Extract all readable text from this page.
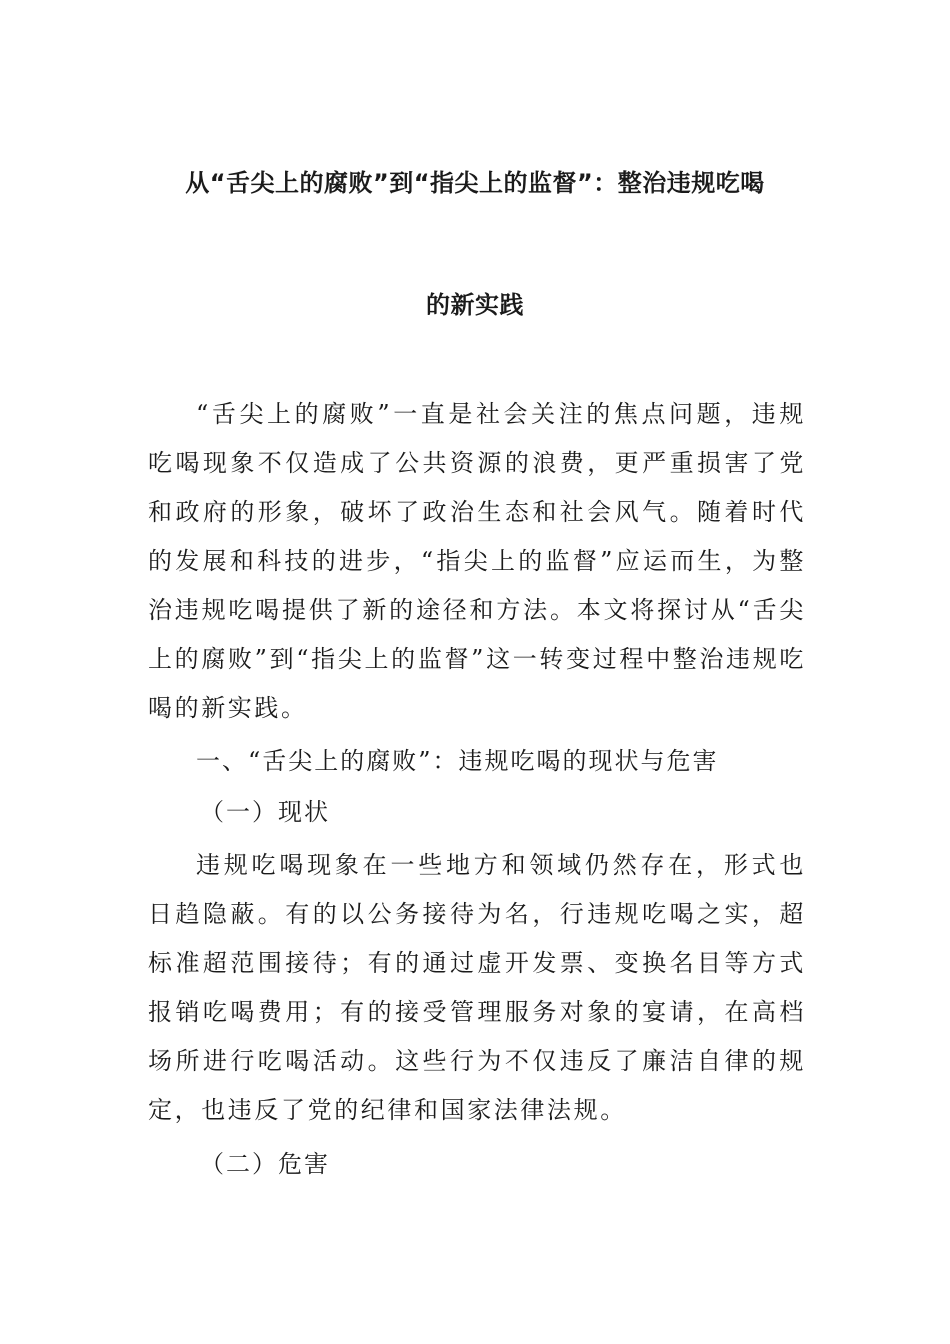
从“舌尖上的腐败”到“指尖上的监督”：整治违规吃喝
的新实践

“舌尖上的腐败”一直是社会关注的焦点问题，违规吃喝现象不仅造成了公共资源的浪费，更严重损害了党和政府的形象，破坏了政治生态和社会风气。随着时代的发展和科技的进步，“指尖上的监督”应运而生，为整治违规吃喝提供了新的途径和方法。本文将探讨从“舌尖上的腐败”到“指尖上的监督”这一转变过程中整治违规吃喝的新实践。

一、“舌尖上的腐败”：违规吃喝的现状与危害

（一）现状

违规吃喝现象在一些地方和领域仍然存在，形式也日趋隐蔽。有的以公务接待为名，行违规吃喝之实，超标准超范围接待；有的通过虚开发票、变换名目等方式报销吃喝费用；有的接受管理服务对象的宴请，在高档场所进行吃喝活动。这些行为不仅违反了廉洁自律的规定，也违反了党的纪律和国家法律法规。

（二）危害
